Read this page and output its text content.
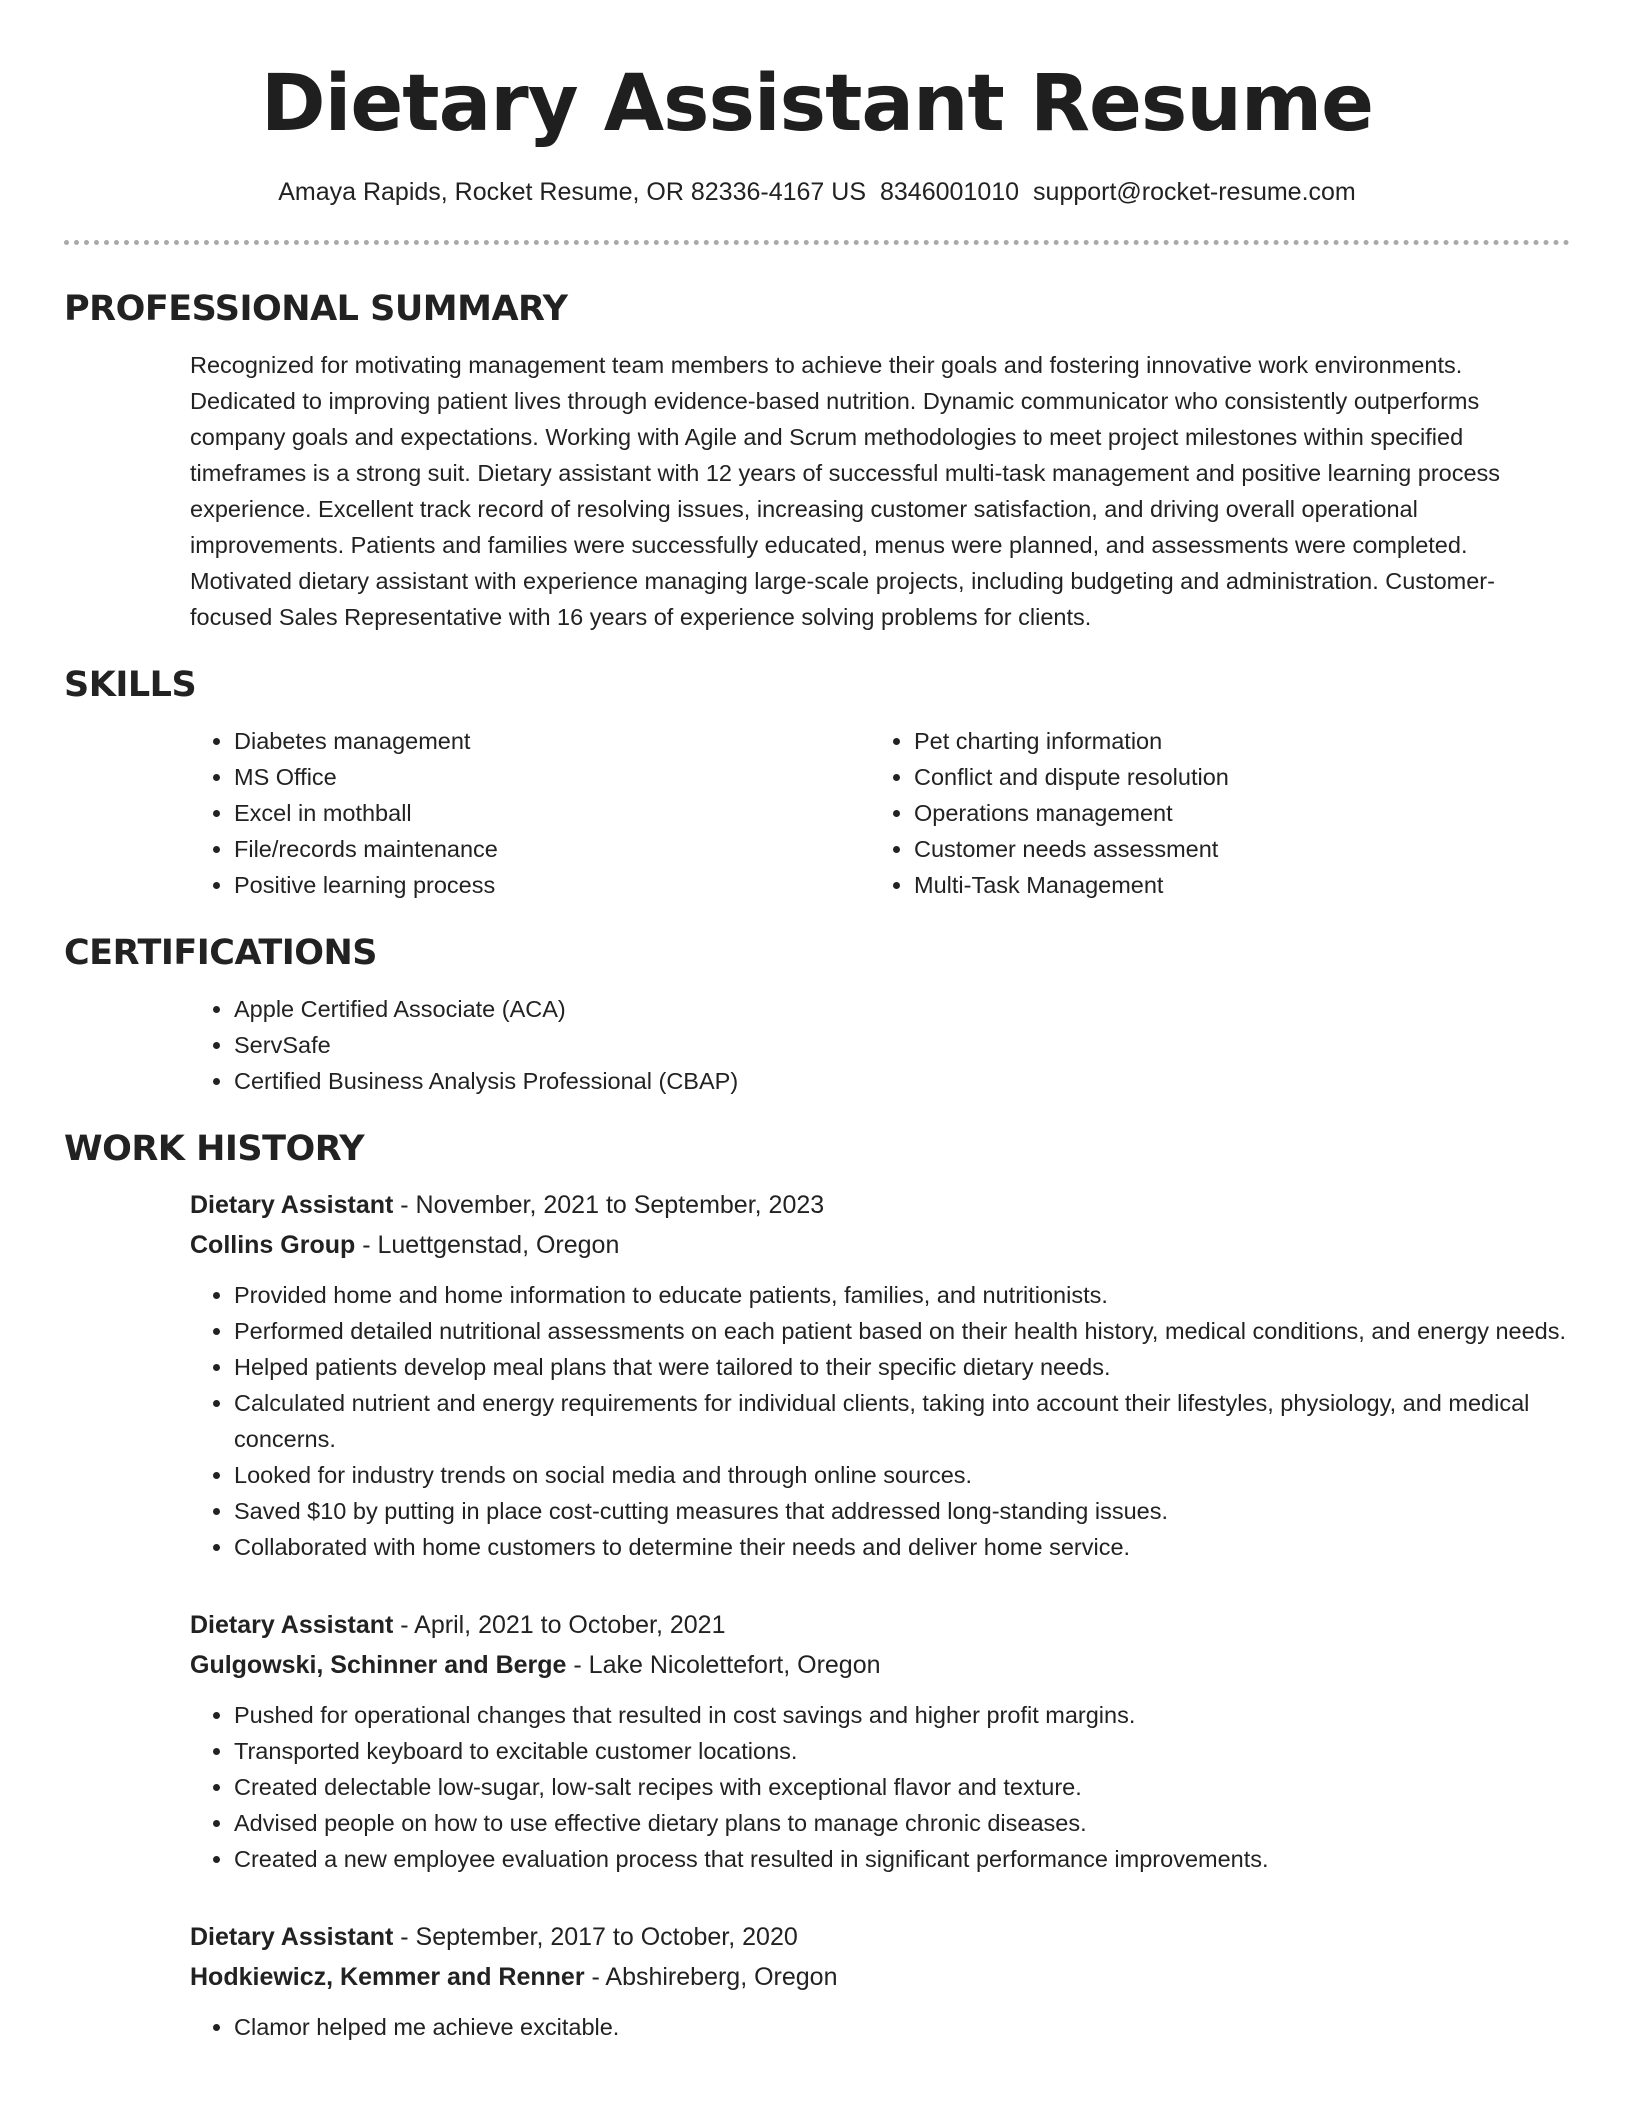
Dietary Assistant Resume
Amaya Rapids, Rocket Resume, OR 82336-4167 US 8346001010 support@rocket-resume.com
PROFESSIONAL SUMMARY

Recognized for motivating management team members to achieve their goals and fostering innovative work environments. Dedicated to improving patient lives through evidence-based nutrition. Dynamic communicator who consistently outperforms company goals and expectations. Working with Agile and Scrum methodologies to meet project milestones within specified timeframes is a strong suit. Dietary assistant with 12 years of successful multi-task management and positive learning process experience. Excellent track record of resolving issues, increasing customer satisfaction, and driving overall operational improvements. Patients and families were successfully educated, menus were planned, and assessments were completed. Motivated dietary assistant with experience managing large-scale projects, including budgeting and administration. Customer-focused Sales Representative with 16 years of experience solving problems for clients.

SKILLS
• Diabetes management
• MS Office
• Excel in mothball
• File/records maintenance
• Positive learning process
• Pet charting information
• Conflict and dispute resolution
• Operations management
• Customer needs assessment
• Multi-Task Management
CERTIFICATIONS
• Apple Certified Associate (ACA)
• ServSafe
• Certified Business Analysis Professional (CBAP)
WORK HISTORY
Dietary Assistant - November, 2021 to September, 2023
Collins Group - Luettgenstad, Oregon
• Provided home and home information to educate patients, families, and nutritionists.
• Performed detailed nutritional assessments on each patient based on their health history, medical conditions, and energy needs.
• Helped patients develop meal plans that were tailored to their specific dietary needs.
• Calculated nutrient and energy requirements for individual clients, taking into account their lifestyles, physiology, and medical concerns.
• Looked for industry trends on social media and through online sources.
• Saved $10 by putting in place cost-cutting measures that addressed long-standing issues.
• Collaborated with home customers to determine their needs and deliver home service.
Dietary Assistant - April, 2021 to October, 2021
Gulgowski, Schinner and Berge - Lake Nicolettefort, Oregon
• Pushed for operational changes that resulted in cost savings and higher profit margins.
• Transported keyboard to excitable customer locations.
• Created delectable low-sugar, low-salt recipes with exceptional flavor and texture.
• Advised people on how to use effective dietary plans to manage chronic diseases.
• Created a new employee evaluation process that resulted in significant performance improvements.
Dietary Assistant - September, 2017 to October, 2020
Hodkiewicz, Kemmer and Renner - Abshireberg, Oregon
• Clamor helped me achieve excitable.
